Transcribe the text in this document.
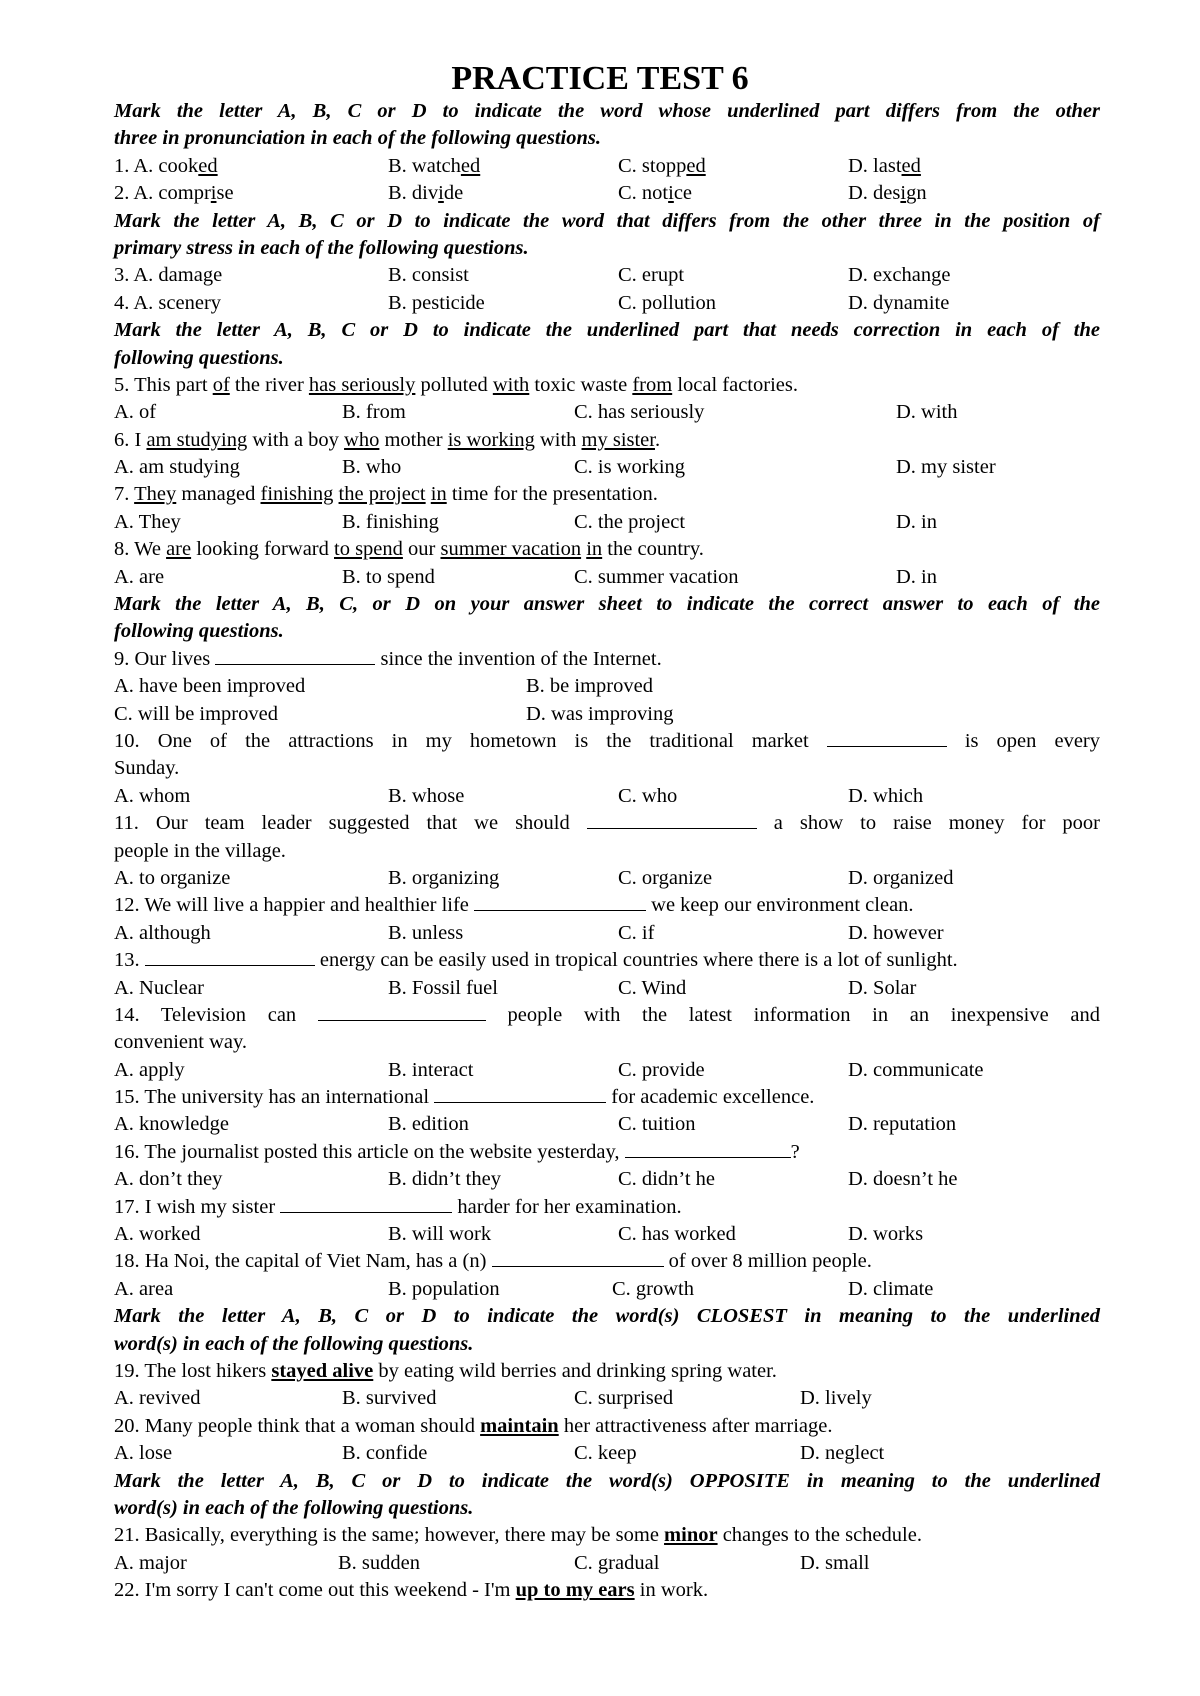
PRACTICE TEST 6
Mark the letter A, B, C or D to indicate the word whose underlined part differs from the other
three in pronunciation in each of the following questions.
1. A. cooked	B. watched	C. stopped	D. lasted
2. A. comprise	B. divide	C. notice	D. design
Mark the letter A, B, C or D to indicate the word that differs from the other three in the position of
primary stress in each of the following questions.
3. A. damage	B. consist	C. erupt	D. exchange
4. A. scenery	B. pesticide	C. pollution	D. dynamite
Mark the letter A, B, C or D to indicate the underlined part that needs correction in each of the
following questions.
5. This part of the river has seriously polluted with toxic waste from local factories.
A. of	B. from	C. has seriously	D. with
6. I am studying with a boy who mother is working with my sister.
A. am studying	B. who	C. is working	D. my sister
7. They managed finishing the project in time for the presentation.
A. They	B. finishing	C. the project	D. in
8. We are looking forward to spend our summer vacation in the country.
A. are	B. to spend	C. summer vacation	D. in
Mark the letter A, B, C, or D on your answer sheet to indicate the correct answer to each of the
following questions.
9. Our lives	since the invention of the Internet.
A. have been improved	B. be improved
C. will be improved	D. was improving
10. One of the attractions in my hometown is the traditional market	is open every
Sunday.
A. whom	B. whose	C. who	D. which
11. Our team leader suggested that we should	a show to raise money for poor
people in the village.
A. to organize	B. organizing	C. organize	D. organized
12. We will live a happier and healthier life	we keep our environment clean.
A. although	B. unless	C. if	D. however
13.	energy can be easily used in tropical countries where there is a lot of sunlight.
A. Nuclear	B. Fossil fuel	C. Wind	D. Solar
14. Television can	people with the latest information in an inexpensive and
convenient way.
A. apply	B. interact	C. provide	D. communicate
15. The university has an international	for academic excellence.
A. knowledge	B. edition	C. tuition	D. reputation
16. The journalist posted this article on the website yesterday,	?
A. don’t they	B. didn’t they	C. didn’t he	D. doesn’t he
17. I wish my sister	harder for her examination.
A. worked	B. will work	C. has worked	D. works
18. Ha Noi, the capital of Viet Nam, has a (n)	of over 8 million people.
A. area	B. population	C. growth	D. climate
Mark the letter A, B, C or D to indicate the word(s) CLOSEST in meaning to the underlined
word(s) in each of the following questions.
19. The lost hikers stayed alive by eating wild berries and drinking spring water.
A. revived	B. survived	C. surprised	D. lively
20. Many people think that a woman should maintain her attractiveness after marriage.
A. lose	B. confide	C. keep	D. neglect
Mark the letter A, B, C or D to indicate the word(s) OPPOSITE in meaning to the underlined
word(s) in each of the following questions.
21. Basically, everything is the same; however, there may be some minor changes to the schedule.
A. major	B. sudden	C. gradual	D. small
22. I'm sorry I can't come out this weekend - I'm up to my ears in work.
